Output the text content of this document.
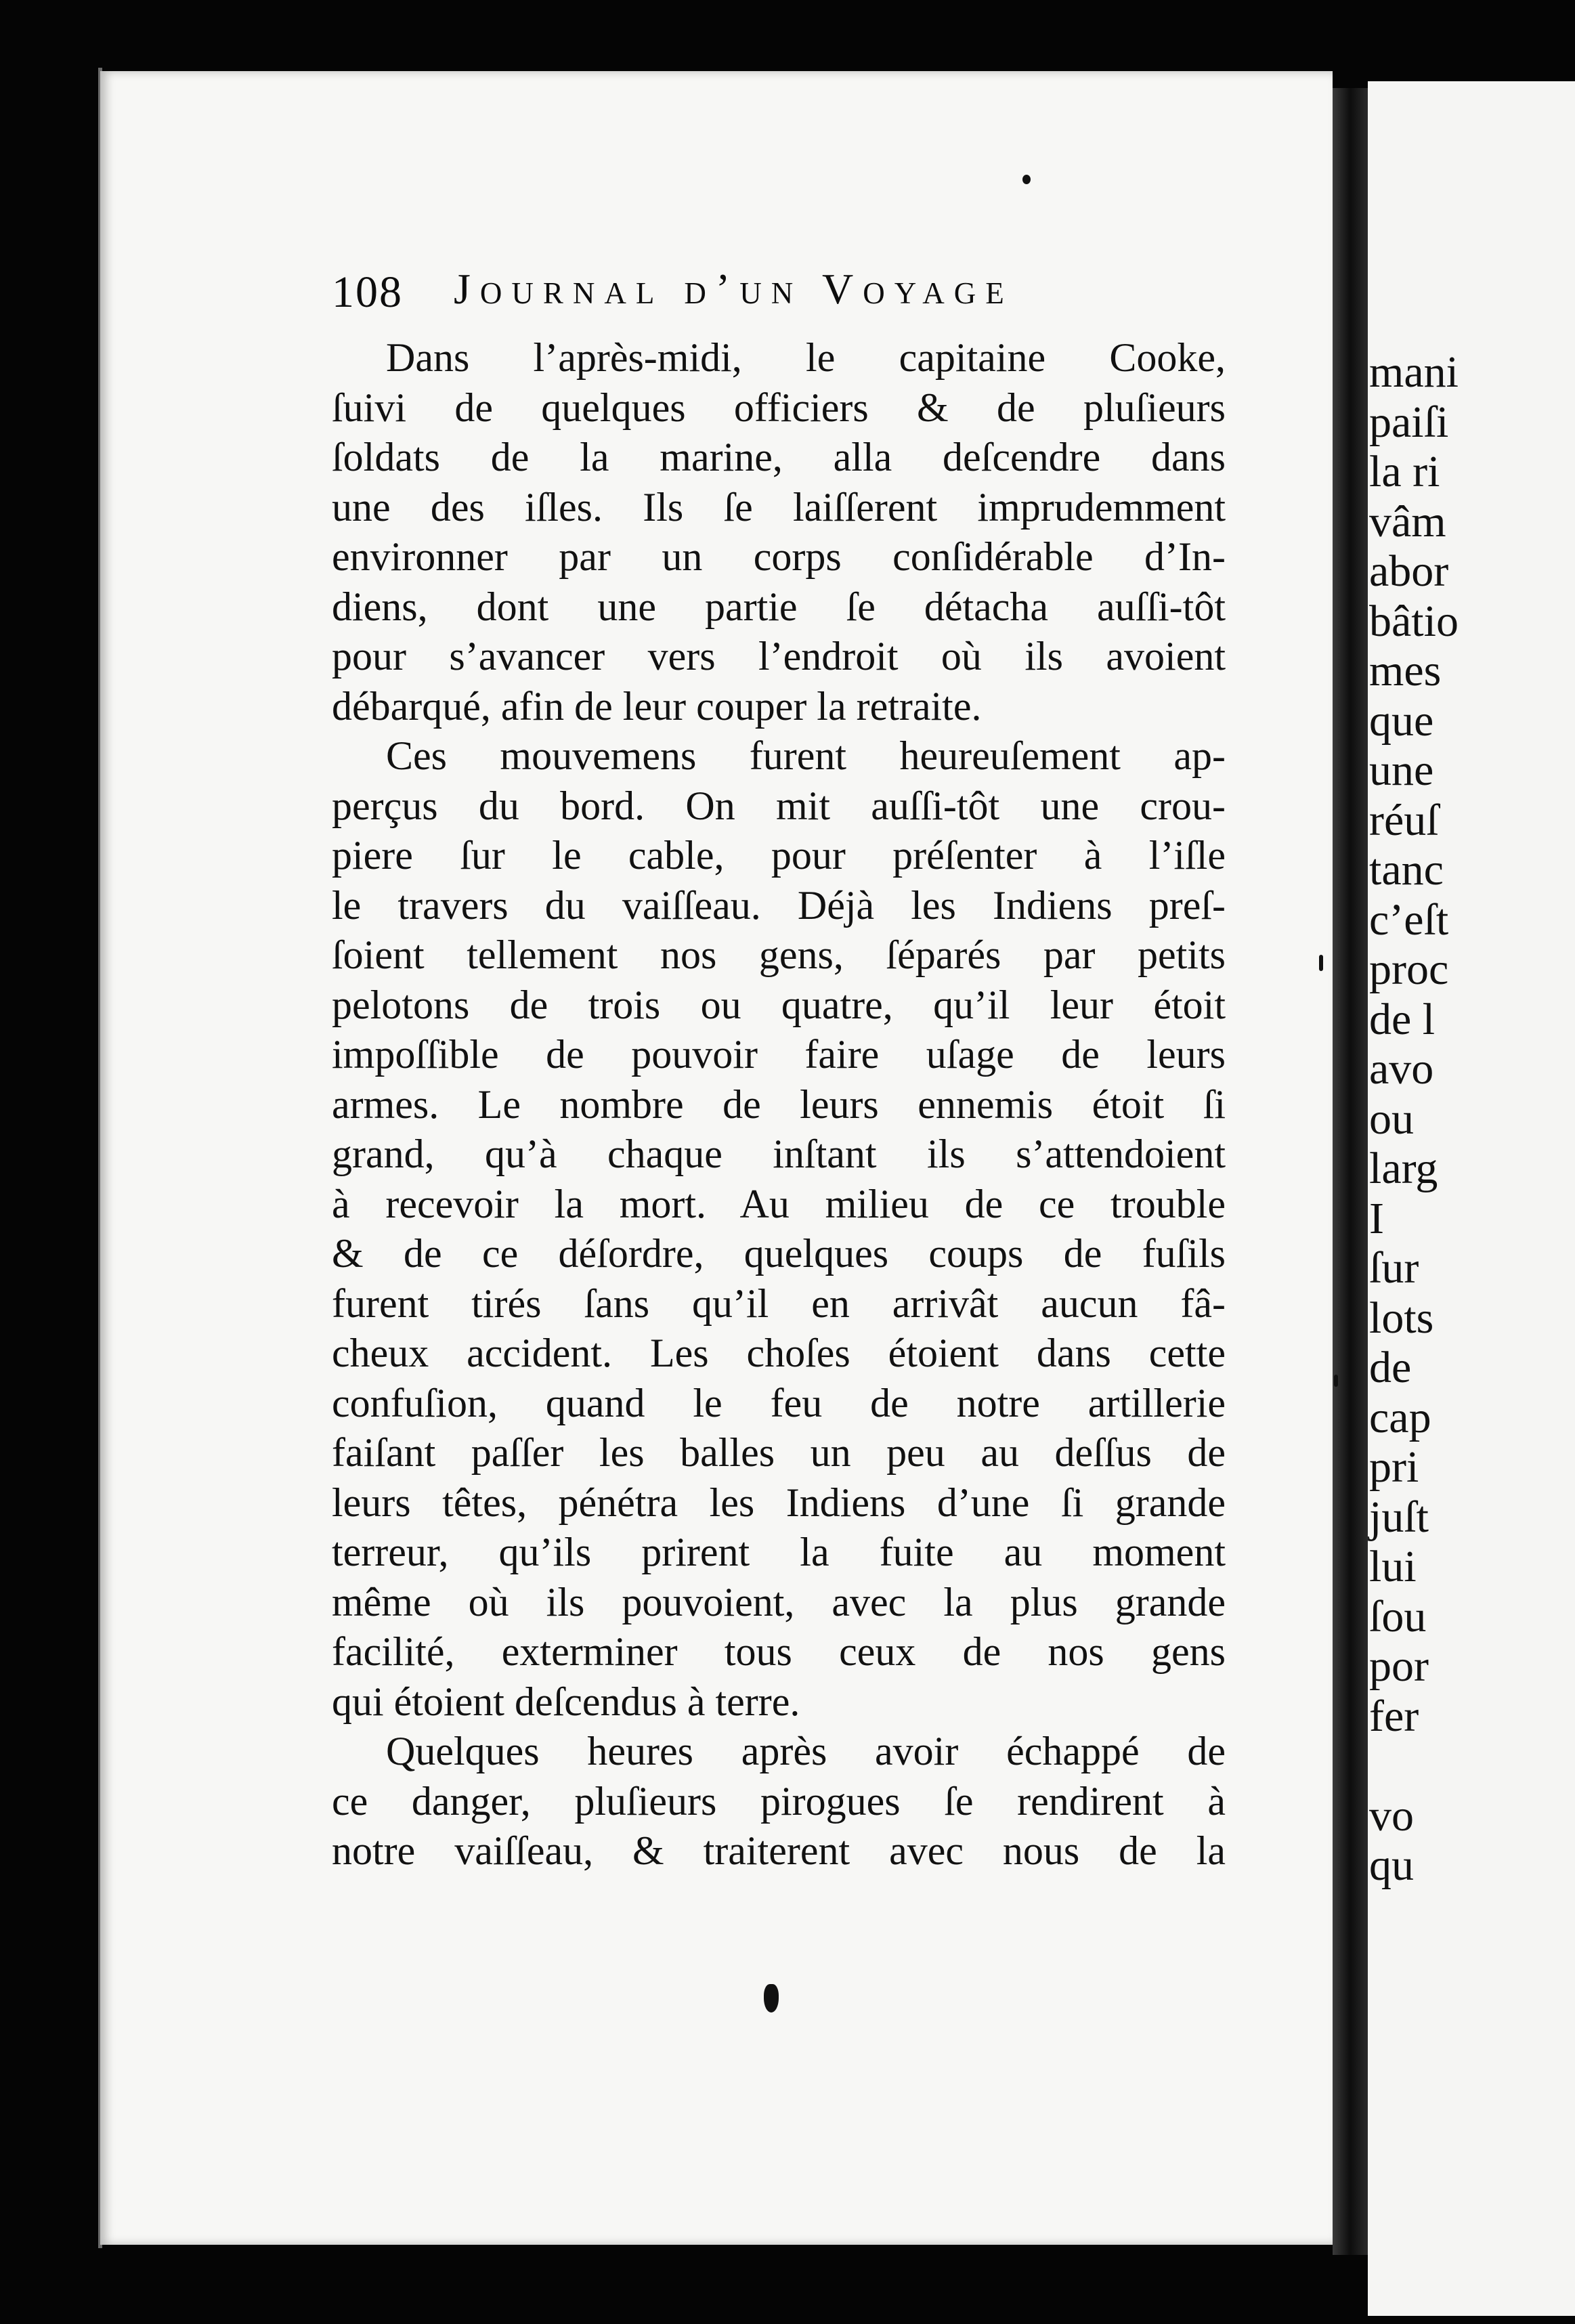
mani
paiſi
la ri
vâm
abor
bâtio
mes
que
une
réuſ
tanc
c’eſt
proc
de l
avo
ou
larg
I
ſur
lots
de
cap
pri
juſt
lui
ſou
por
fer
vo
qu
108 Journal d’un Voyage
Dans l’après-midi, le capitaine Cooke,
ſuivi de quelques officiers & de pluſieurs
ſoldats de la marine, alla deſcendre dans
une des iſles. Ils ſe laiſſerent imprudemment
environner par un corps conſidérable d’In-
diens, dont une partie ſe détacha auſſi-tôt
pour s’avancer vers l’endroit où ils avoient
débarqué, afin de leur couper la retraite.
Ces mouvemens furent heureuſement ap-
perçus du bord. On mit auſſi-tôt une crou-
piere ſur le cable, pour préſenter à l’iſle
le travers du vaiſſeau. Déjà les Indiens preſ-
ſoient tellement nos gens, ſéparés par petits
pelotons de trois ou quatre, qu’il leur étoit
impoſſible de pouvoir faire uſage de leurs
armes. Le nombre de leurs ennemis étoit ſi
grand, qu’à chaque inſtant ils s’attendoient
à recevoir la mort. Au milieu de ce trouble
& de ce déſordre, quelques coups de fuſils
furent tirés ſans qu’il en arrivât aucun fâ-
cheux accident. Les choſes étoient dans cette
confuſion, quand le feu de notre artillerie
faiſant paſſer les balles un peu au deſſus de
leurs têtes, pénétra les Indiens d’une ſi grande
terreur, qu’ils prirent la fuite au moment
même où ils pouvoient, avec la plus grande
facilité, exterminer tous ceux de nos gens
qui étoient deſcendus à terre.
Quelques heures après avoir échappé de
ce danger, pluſieurs pirogues ſe rendirent à
notre vaiſſeau, & traiterent avec nous de la
